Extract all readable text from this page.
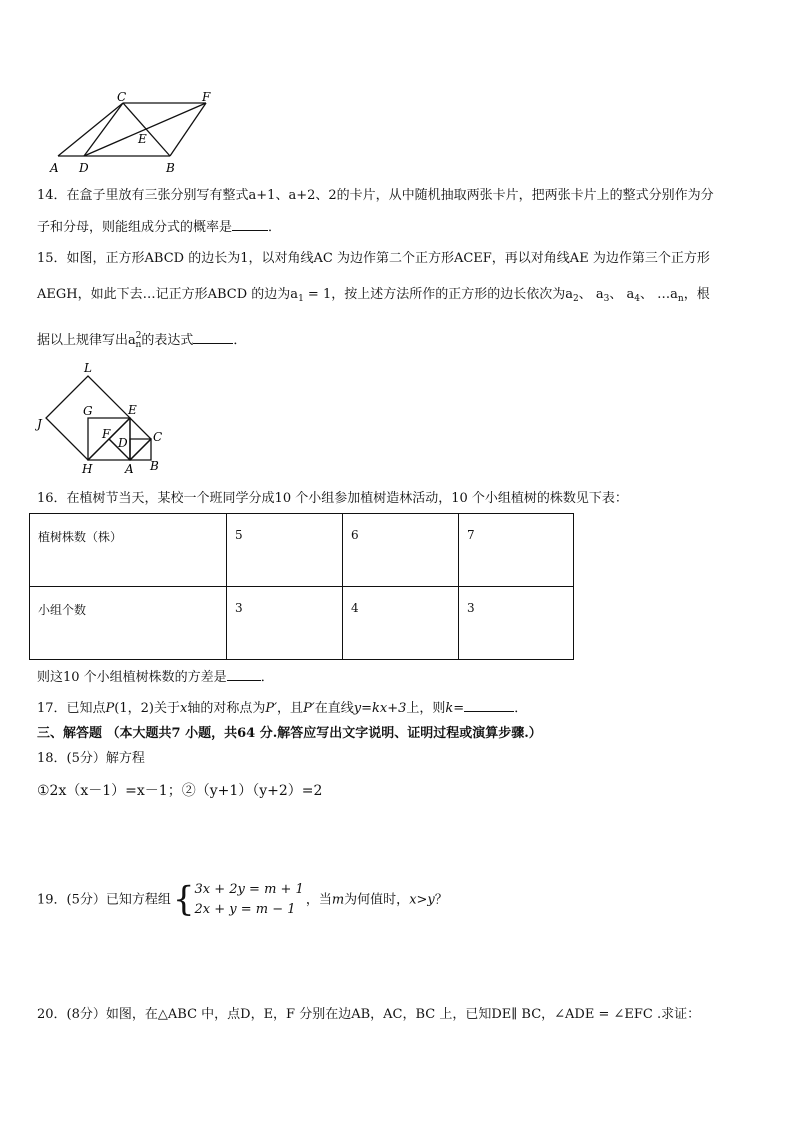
A D	B
C
E
F
14．在盒子里放有三张分别写有整式a+1、a+2、2的卡片，从中随机抽取两张卡片，把两张卡片上的整式分别作为分
子和分母，则能组成分式的概率是	．
15．如图，正方形ABCD 的边长为1，以对角线AC 为边作第二个正方形ACEF，再以对角线AE 为边作第三个正方形
AEGH，如此下去…记正方形ABCD 的边为$a_1 = 1$，按上述方法所作的正方形的边长依次为$a_2$、 $a_3$、 $a_4$、 $\dots a_n$，根
据以上规律写出$a^2_n$的表达式	．
L
J
G	E
F
D C
H	A B
16．在植树节当天，某校一个班同学分成10 个小组参加植树造林活动，10 个小组植树的株数见下表：
植树株数（株）	5	6	7
小组个数	3	4	3
则这10 个小组植树株数的方差是	．
17．已知点P(1，2)关于x轴的对称点为P′，且P′在直线y=kx+3上，则k=	．
三、解答题 （本大题共7 小题，共64 分.解答应写出文字说明、证明过程或演算步骤.）
18．(5分）解方程
①2x（x－1）=x－1；②（y+1）（y+2）=2
19．(5分）已知方程组{3x + 2y = m + 1
2x + y = m − 1，当m为何值时，x>y？
20．(8分）如图，在△ABC 中，点D，E，F 分别在边AB，AC，BC 上，已知DE∥ BC，∠ADE = ∠EFC .求证：
